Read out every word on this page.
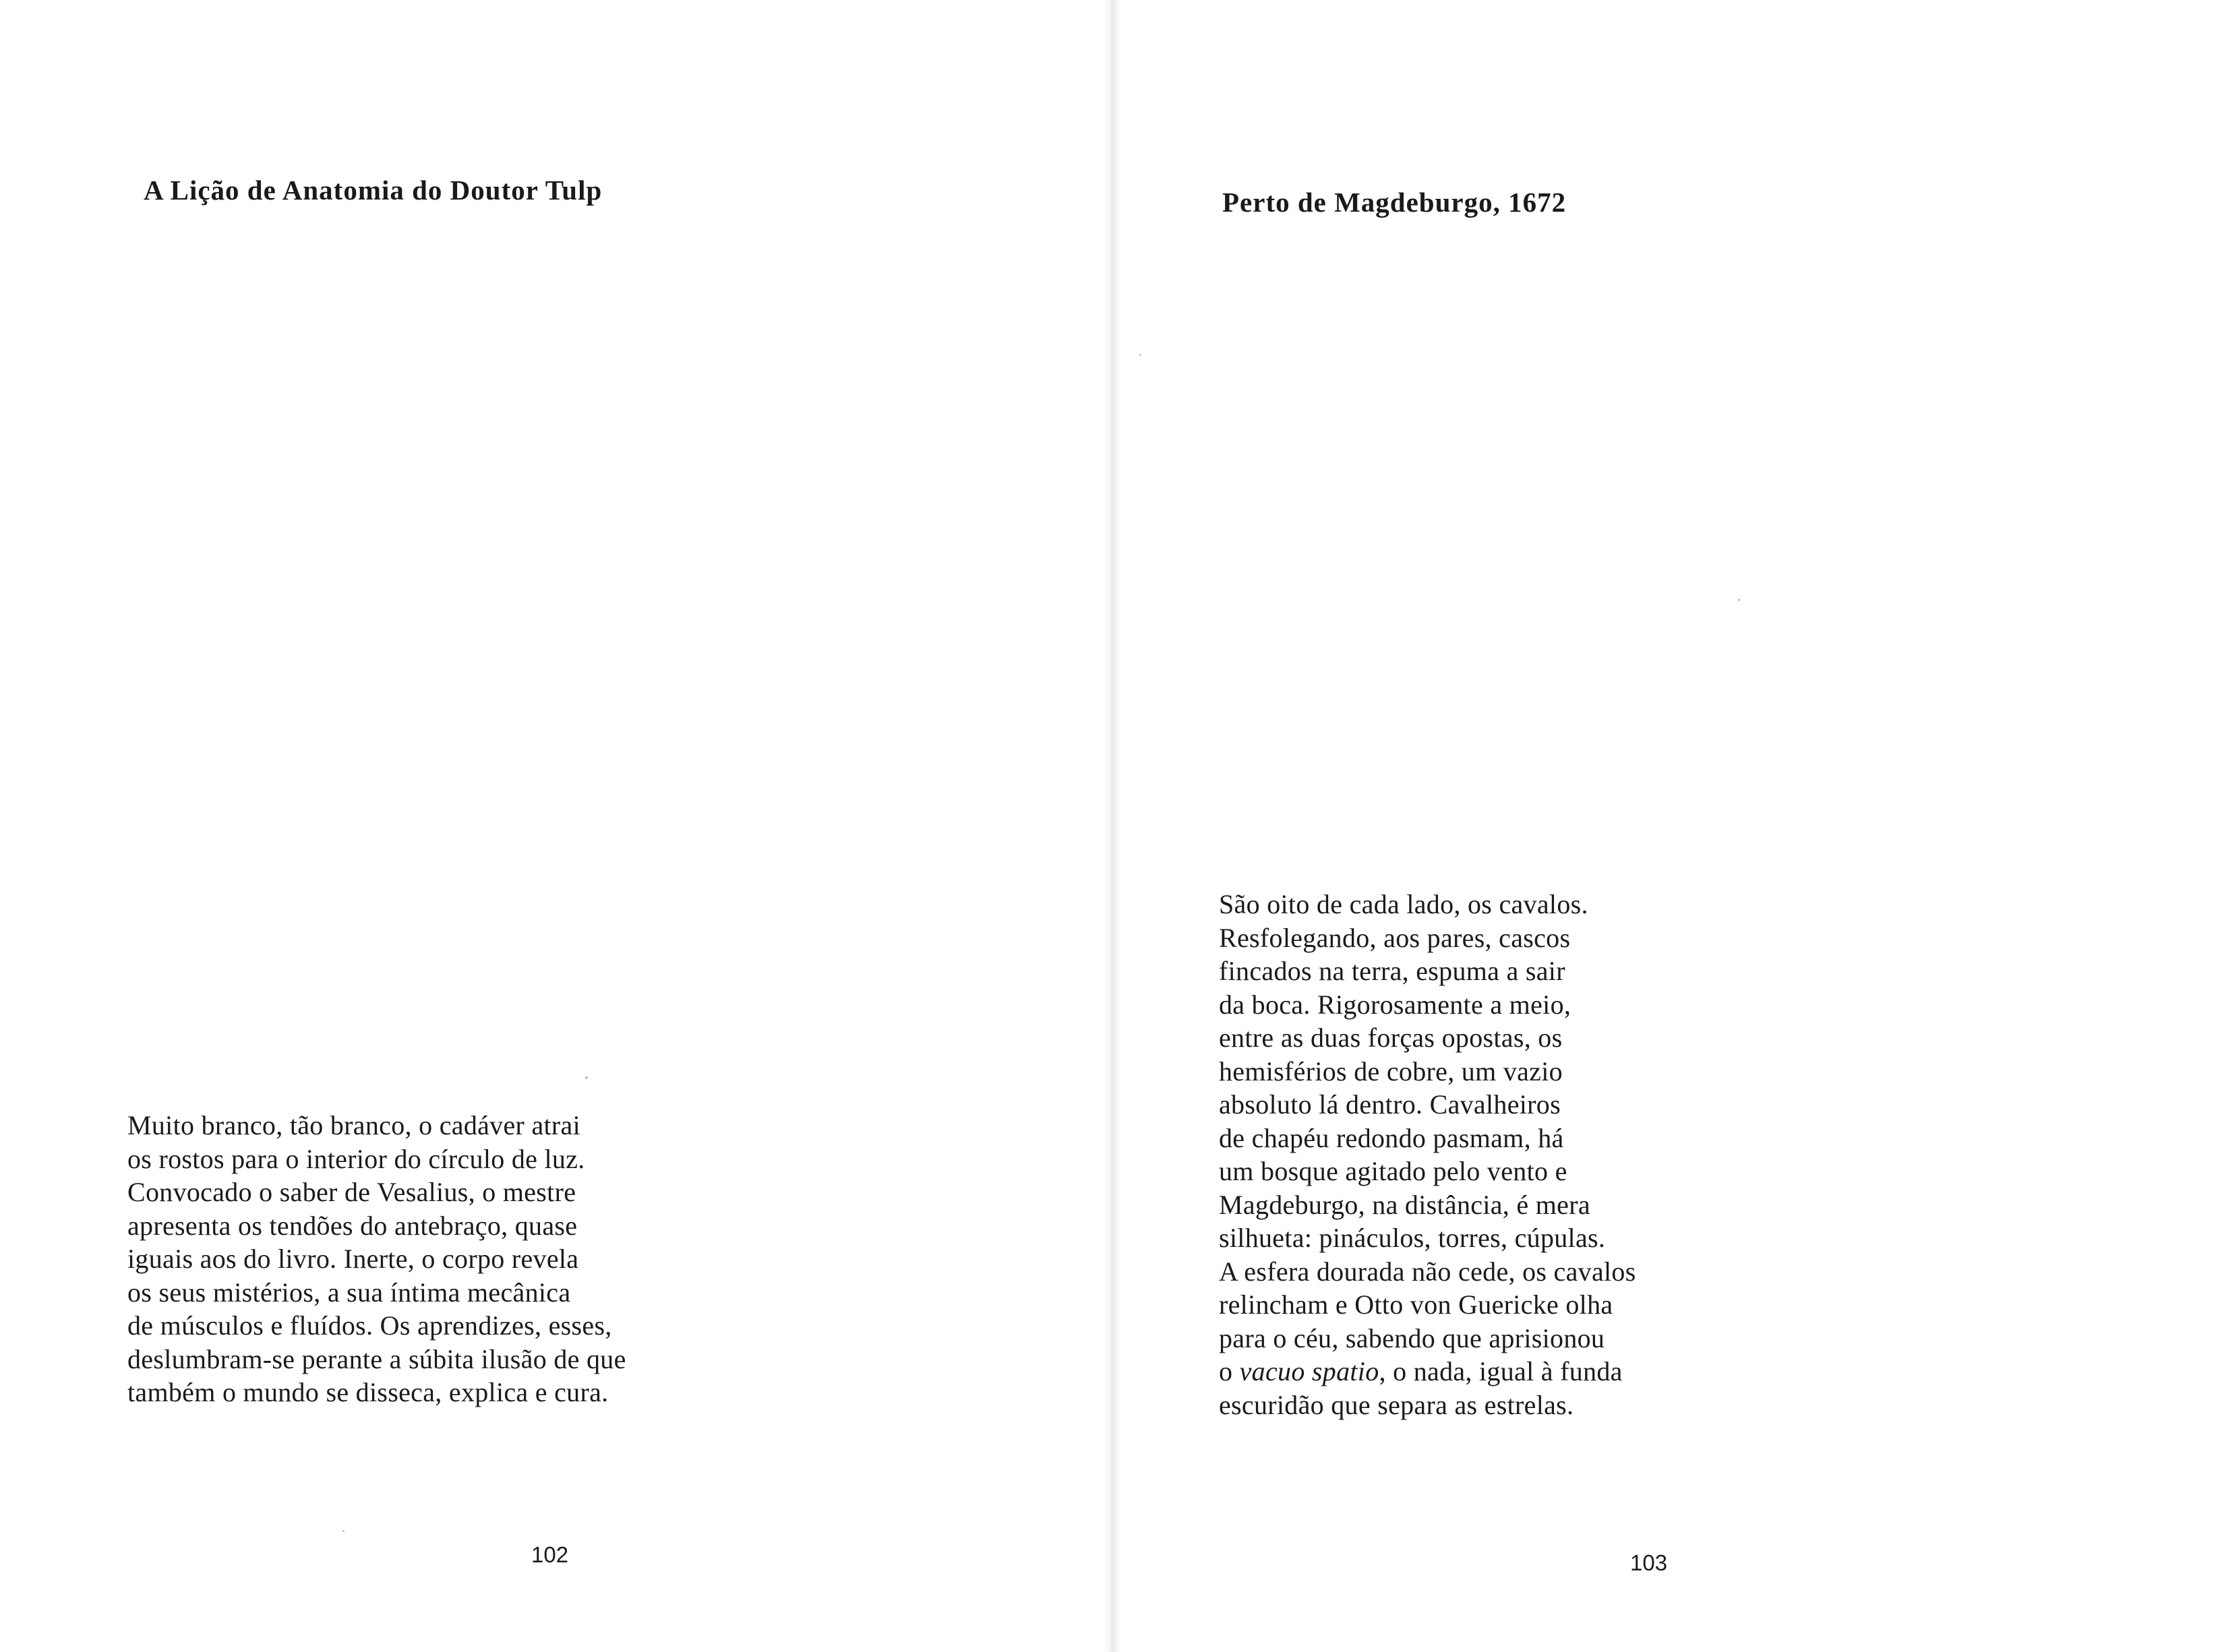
A Lição de Anatomia do Doutor Tulp
Muito branco, tão branco, o cadáver atrai
os rostos para o interior do círculo de luz.
Convocado o saber de Vesalius, o mestre
apresenta os tendões do antebraço, quase
iguais aos do livro. Inerte, o corpo revela
os seus mistérios, a sua íntima mecânica
de músculos e fluídos. Os aprendizes, esses,
deslumbram-se perante a súbita ilusão de que
também o mundo se disseca, explica e cura.

102

Perto de Magdeburgo, 1672
São oito de cada lado, os cavalos.
Resfolegando, aos pares, cascos
fincados na terra, espuma a sair
da boca. Rigorosamente a meio,
entre as duas forças opostas, os
hemisférios de cobre, um vazio
absoluto lá dentro. Cavalheiros
de chapéu redondo pasmam, há
um bosque agitado pelo vento e
Magdeburgo, na distância, é mera
silhueta: pináculos, torres, cúpulas.
A esfera dourada não cede, os cavalos
relincham e Otto von Guericke olha
para o céu, sabendo que aprisionou
o vacuo spatio, o nada, igual à funda
escuridão que separa as estrelas.

103
